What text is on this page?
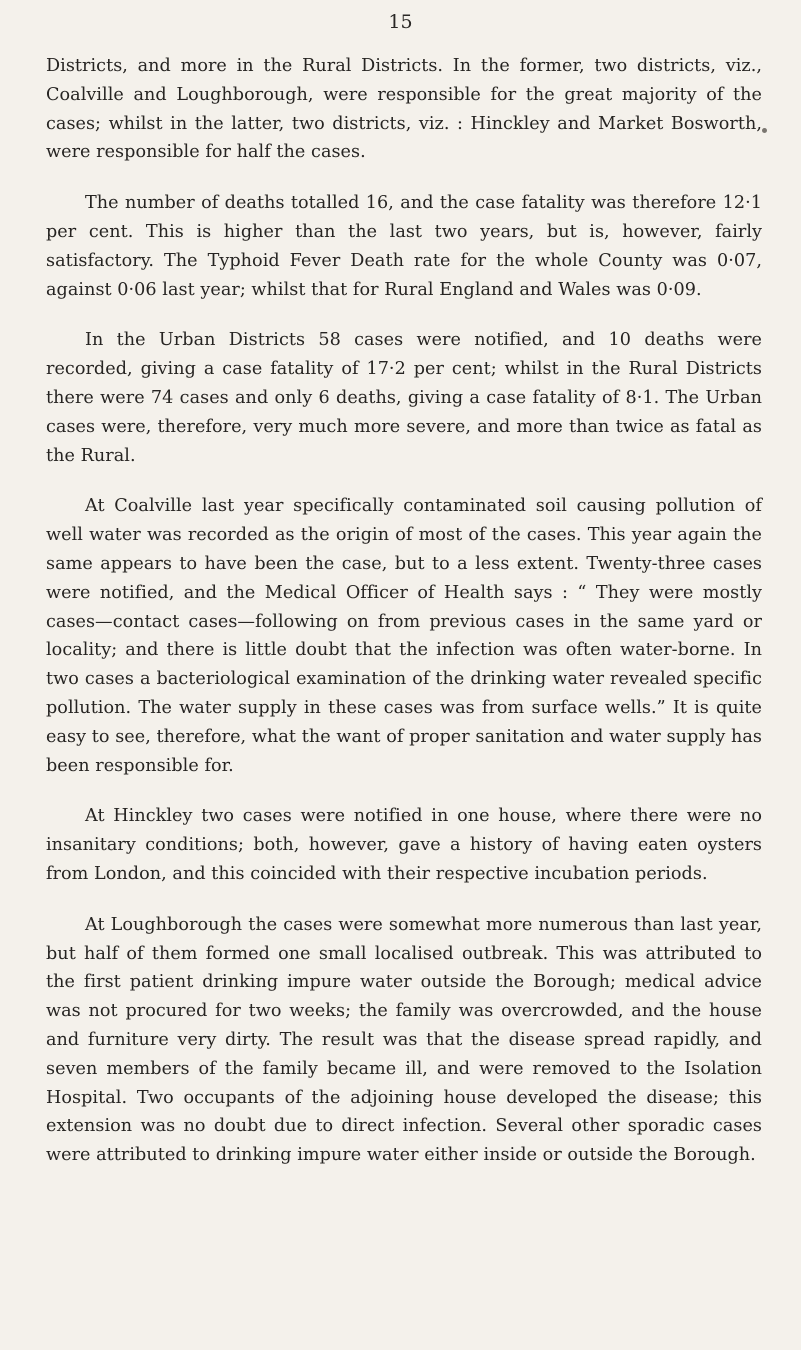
15

Districts, and more in the Rural Districts. In the former, two districts, viz., Coalville and Loughborough, were responsible for the great majority of the cases; whilst in the latter, two districts, viz. : Hinckley and Market Bosworth, were responsible for half the cases.

The number of deaths totalled 16, and the case fatality was therefore 12·1 per cent. This is higher than the last two years, but is, however, fairly satisfactory. The Typhoid Fever Death rate for the whole County was 0·07, against 0·06 last year; whilst that for Rural England and Wales was 0·09.

In the Urban Districts 58 cases were notified, and 10 deaths were recorded, giving a case fatality of 17·2 per cent; whilst in the Rural Districts there were 74 cases and only 6 deaths, giving a case fatality of 8·1. The Urban cases were, therefore, very much more severe, and more than twice as fatal as the Rural.

At Coalville last year specifically contaminated soil causing pollution of well water was recorded as the origin of most of the cases. This year again the same appears to have been the case, but to a less extent. Twenty-three cases were notified, and the Medical Officer of Health says : “ They were mostly cases—contact cases—following on from previous cases in the same yard or locality; and there is little doubt that the infection was often water-borne. In two cases a bacteriological examination of the drinking water revealed specific pollution. The water supply in these cases was from surface wells.” It is quite easy to see, therefore, what the want of proper sanitation and water supply has been responsible for.

At Hinckley two cases were notified in one house, where there were no insanitary conditions; both, however, gave a history of having eaten oysters from London, and this coincided with their respective incubation periods.

At Loughborough the cases were somewhat more numerous than last year, but half of them formed one small localised outbreak. This was attributed to the first patient drinking impure water outside the Borough; medical advice was not procured for two weeks; the family was overcrowded, and the house and furniture very dirty. The result was that the disease spread rapidly, and seven members of the family became ill, and were removed to the Isolation Hospital. Two occupants of the adjoining house developed the disease; this extension was no doubt due to direct infection. Several other sporadic cases were attributed to drinking impure water either inside or outside the Borough.
